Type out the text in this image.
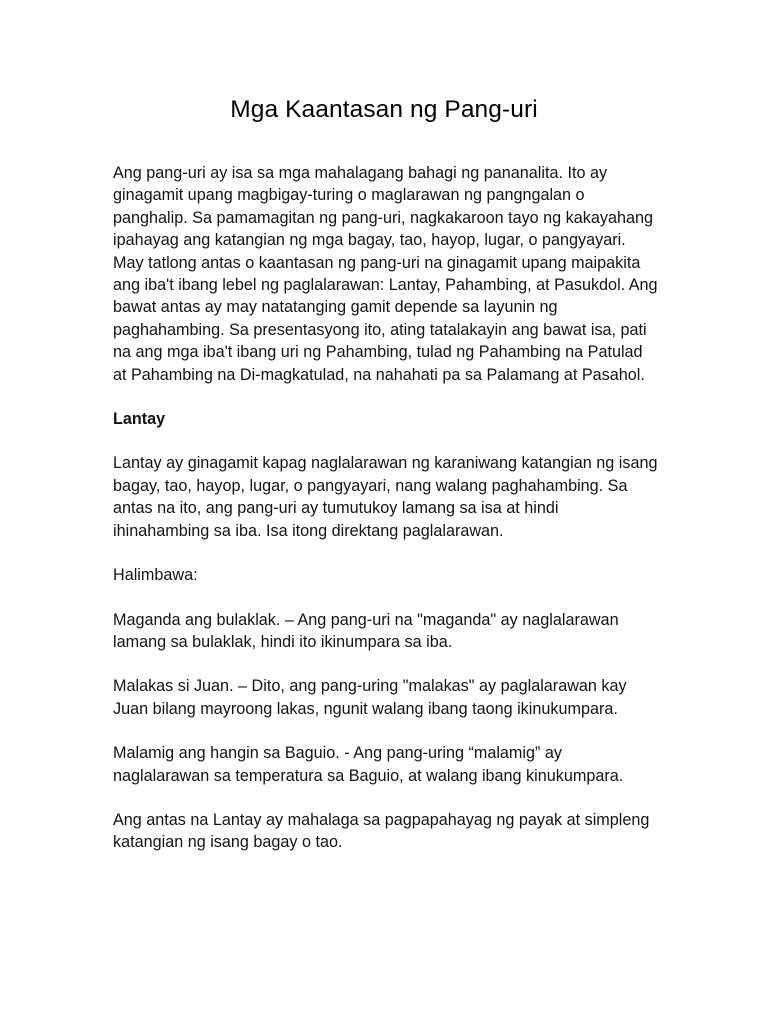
Mga Kaantasan ng Pang-uri

Ang pang-uri ay isa sa mga mahalagang bahagi ng pananalita. Ito ay ginagamit upang magbigay-turing o maglarawan ng pangngalan o panghalip. Sa pamamagitan ng pang-uri, nagkakaroon tayo ng kakayahang ipahayag ang katangian ng mga bagay, tao, hayop, lugar, o pangyayari. May tatlong antas o kaantasan ng pang-uri na ginagamit upang maipakita ang iba't ibang lebel ng paglalarawan: Lantay, Pahambing, at Pasukdol. Ang bawat antas ay may natatanging gamit depende sa layunin ng paghahambing. Sa presentasyong ito, ating tatalakayin ang bawat isa, pati na ang mga iba't ibang uri ng Pahambing, tulad ng Pahambing na Patulad at Pahambing na Di-magkatulad, na nahahati pa sa Palamang at Pasahol.

Lantay

Lantay ay ginagamit kapag naglalarawan ng karaniwang katangian ng isang bagay, tao, hayop, lugar, o pangyayari, nang walang paghahambing. Sa antas na ito, ang pang-uri ay tumutukoy lamang sa isa at hindi ihinahambing sa iba. Isa itong direktang paglalarawan.

Halimbawa:

Maganda ang bulaklak. – Ang pang-uri na "maganda" ay naglalarawan lamang sa bulaklak, hindi ito ikinumpara sa iba.

Malakas si Juan. – Dito, ang pang-uring "malakas" ay paglalarawan kay Juan bilang mayroong lakas, ngunit walang ibang taong ikinukumpara.

Malamig ang hangin sa Baguio. - Ang pang-uring “malamig” ay naglalarawan sa temperatura sa Baguio, at walang ibang kinukumpara.

Ang antas na Lantay ay mahalaga sa pagpapahayag ng payak at simpleng katangian ng isang bagay o tao.
